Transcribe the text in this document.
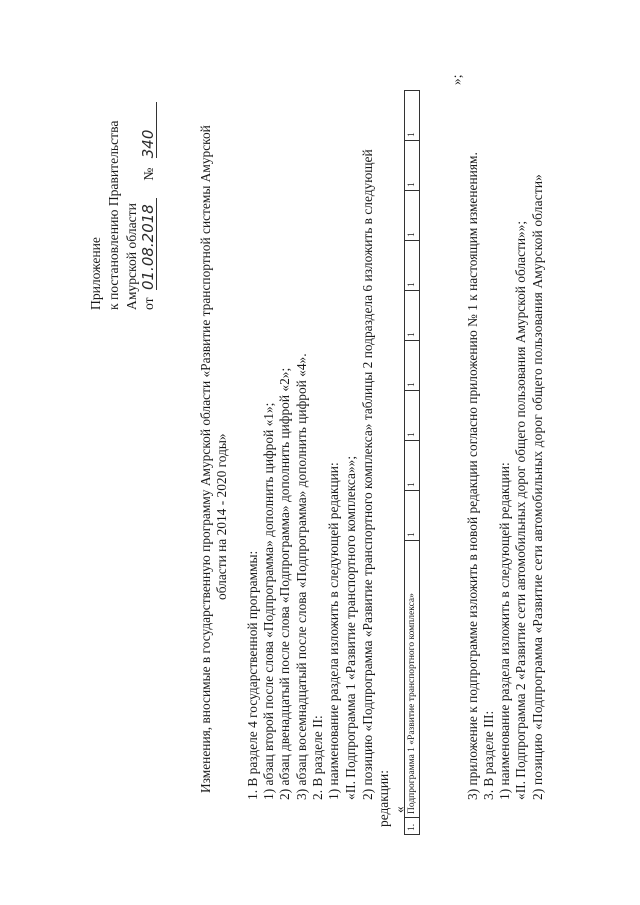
Приложение к постановлению Правительства Амурской области от 01.08.2018 № 340	Изменения, вносимые в государственную программу Амурской области «Развитие транспортной системы Амурской области на 2014 - 2020 годы»
1. В разделе 4 государственной программы: 1) абзац второй после слова «Подпрограмма» дополнить цифрой «1»; 2) абзац двенадцатый после слова «Подпрограмма» дополнить цифрой «2»; 3) абзац восемнадцатый после слова «Подпрограмма» дополнить цифрой «4». 2. В разделе II: 1) наименование раздела изложить в следующей редакции: «II. Подпрограмма 1 «Развитие транспортного комплекса»»; 2) позицию «Подпрограмма «Развитие транспортного комплекса» таблицы 2 подраздела 6 изложить в следующей редакции: «
1.	Подпрограмма 1 «Развитие транспортного комплекса»	1	1	1	1	1	1	1	1	1
»;
3) приложение к подпрограмме изложить в новой редакции согласно приложению № 1 к настоящим изменениям. 3. В разделе III: 1) наименование раздела изложить в следующей редакции: «II. Подпрограмма 2 «Развитие сети автомобильных дорог общего пользования Амурской области»»; 2) позицию «Подпрограмма «Развитие сети автомобильных дорог общего пользования Амурской области»
